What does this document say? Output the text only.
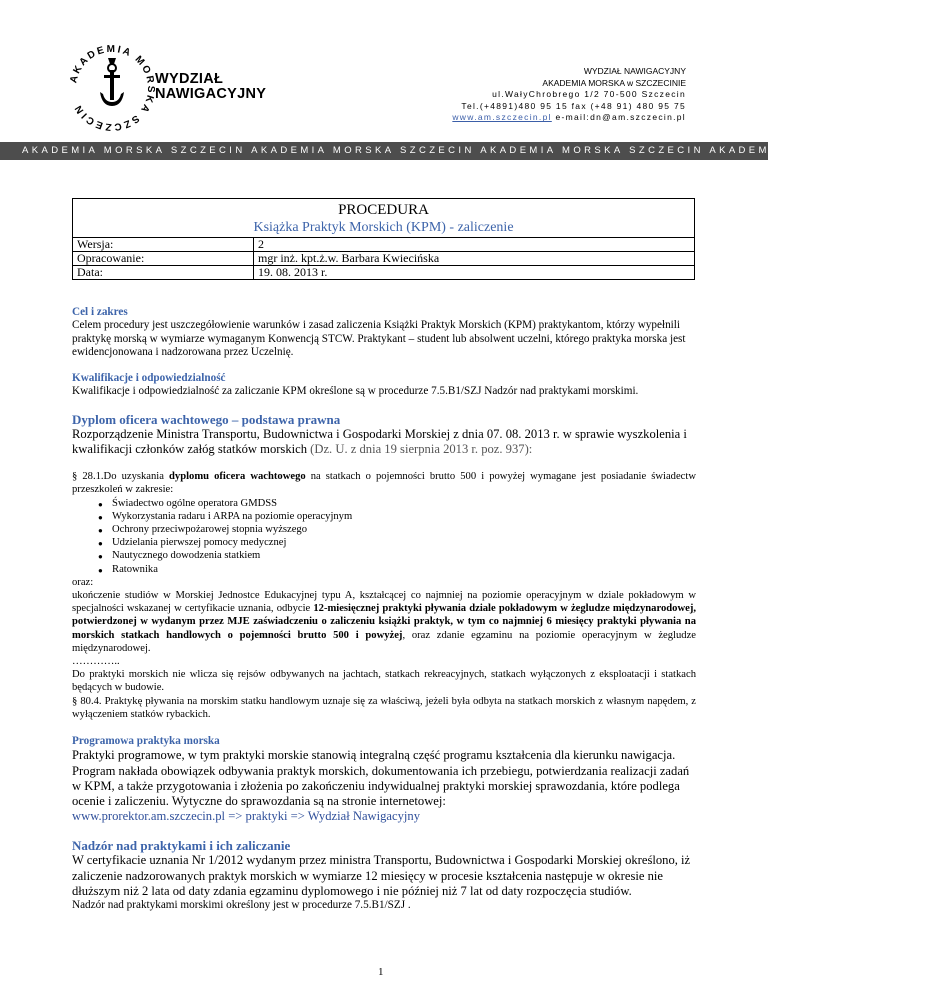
AKADEMIA MORSKA SZCZECIN
WYDZIAŁ
NAWIGACYJNY
WYDZIAŁ NAWIGACYJNY
AKADEMIA MORSKA w SZCZECINIE
ul.WałyChrobrego 1/2 70-500 Szczecin
Tel.(+4891)480 95 15 fax (+48 91) 480 95 75
www.am.szczecin.pl e-mail:dn@am.szczecin.pl
AKADEMIA MORSKA SZCZECIN AKADEMIA MORSKA SZCZECIN AKADEMIA MORSKA SZCZECIN AKADEMIA MORSKA SZCZECIN
PROCEDURA
Książka Praktyk Morskich (KPM) - zaliczenie	

Wersja:	2
Opracowanie:	mgr inż. kpt.ż.w. Barbara Kwiecińska
Data:	19. 08. 2013 r.

Cel i zakres

Celem procedury jest uszczegółowienie warunków i zasad zaliczenia Książki Praktyk Morskich (KPM) praktykantom, którzy wypełnili praktykę morską w wymiarze wymaganym Konwencją STCW. Praktykant – student lub absolwent uczelni, którego praktyka morska jest ewidencjonowana i nadzorowana przez Uczelnię.

Kwalifikacje i odpowiedzialność

Kwalifikacje i odpowiedzialność za zaliczanie KPM określone są w procedurze 7.5.B1/SZJ Nadzór nad praktykami morskimi.

Dyplom oficera wachtowego – podstawa prawna

Rozporządzenie Ministra Transportu, Budownictwa i Gospodarki Morskiej z dnia 07. 08. 2013 r. w sprawie wyszkolenia i kwalifikacji członków załóg statków morskich (Dz. U. z dnia 19 sierpnia 2013 r. poz. 937):

§ 28.1.Do uzyskania dyplomu oficera wachtowego na statkach o pojemności brutto 500 i powyżej wymagane jest posiadanie świadectw przeszkoleń w zakresie:

● Świadectwo ogólne operatora GMDSS
● Wykorzystania radaru i ARPA na poziomie operacyjnym
● Ochrony przeciwpożarowej stopnia wyższego
● Udzielania pierwszej pomocy medycznej
● Nautycznego dowodzenia statkiem
● Ratownika

oraz:

ukończenie studiów w Morskiej Jednostce Edukacyjnej typu A, kształcącej co najmniej na poziomie operacyjnym w dziale pokładowym w specjalności wskazanej w certyfikacie uznania, odbycie 12-miesięcznej praktyki pływania dziale pokładowym w żegludze międzynarodowej, potwierdzonej w wydanym przez MJE zaświadczeniu o zaliczeniu książki praktyk, w tym co najmniej 6 miesięcy praktyki pływania na morskich statkach handlowych o pojemności brutto 500 i powyżej, oraz zdanie egzaminu na poziomie operacyjnym w żegludze międzynarodowej.

…………..

Do praktyki morskich nie wlicza się rejsów odbywanych na jachtach, statkach rekreacyjnych, statkach wyłączonych z eksploatacji i statkach będących w budowie.

§ 80.4. Praktykę pływania na morskim statku handlowym uznaje się za właściwą, jeżeli była odbyta na statkach morskich z własnym napędem, z wyłączeniem statków rybackich.

Programowa praktyka morska

Praktyki programowe, w tym praktyki morskie stanowią integralną część programu kształcenia dla kierunku nawigacja. Program nakłada obowiązek odbywania praktyk morskich, dokumentowania ich przebiegu, potwierdzania realizacji zadań w KPM, a także przygotowania i złożenia po zakończeniu indywidualnej praktyki morskiej sprawozdania, które podlega ocenie i zaliczeniu. Wytyczne do sprawozdania są na stronie internetowej:

www.prorektor.am.szczecin.pl => praktyki => Wydział Nawigacyjny

Nadzór nad praktykami i ich zaliczanie

W certyfikacie uznania Nr 1/2012 wydanym przez ministra Transportu, Budownictwa i Gospodarki Morskiej określono, iż zaliczenie nadzorowanych praktyk morskich w wymiarze 12 miesięcy w procesie kształcenia następuje w okresie nie dłuższym niż 2 lata od daty zdania egzaminu dyplomowego i nie później niż 7 lat od daty rozpoczęcia studiów.

Nadzór nad praktykami morskimi określony jest w procedurze 7.5.B1/SZJ .

1
